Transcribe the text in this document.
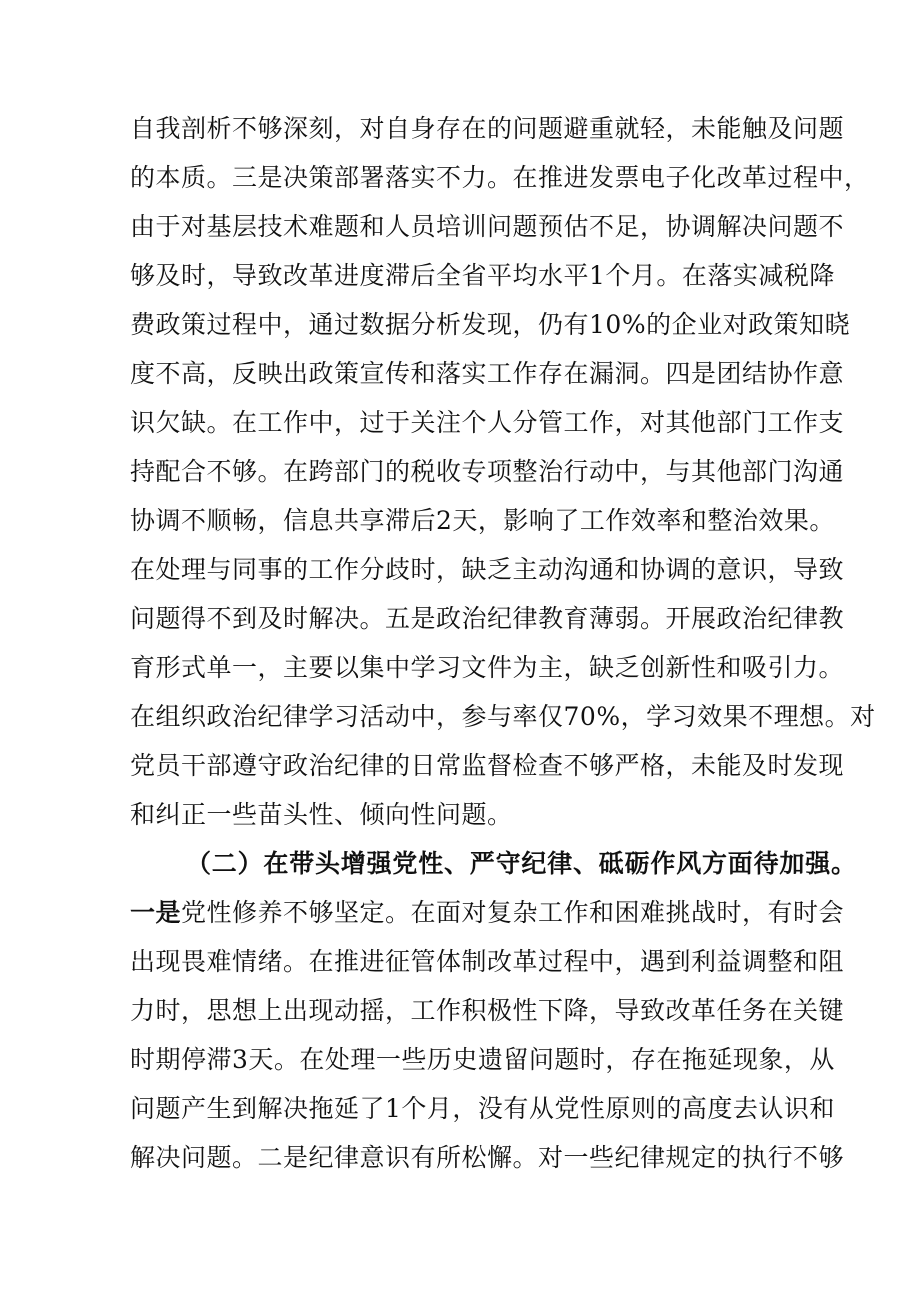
自我剖析不够深刻，对自身存在的问题避重就轻，未能触及问题
的本质。三是决策部署落实不力。在推进发票电子化改革过程中，
由于对基层技术难题和人员培训问题预估不足，协调解决问题不
够及时，导致改革进度滞后全省平均水平1个月。在落实减税降
费政策过程中，通过数据分析发现，仍有10%的企业对政策知晓
度不高，反映出政策宣传和落实工作存在漏洞。四是团结协作意
识欠缺。在工作中，过于关注个人分管工作，对其他部门工作支
持配合不够。在跨部门的税收专项整治行动中，与其他部门沟通
协调不顺畅，信息共享滞后2天，影响了工作效率和整治效果。
在处理与同事的工作分歧时，缺乏主动沟通和协调的意识，导致
问题得不到及时解决。五是政治纪律教育薄弱。开展政治纪律教
育形式单一，主要以集中学习文件为主，缺乏创新性和吸引力。
在组织政治纪律学习活动中，参与率仅70%，学习效果不理想。对
党员干部遵守政治纪律的日常监督检查不够严格，未能及时发现
和纠正一些苗头性、倾向性问题。
（二）在带头增强党性、严守纪律、砥砺作风方面待加强。
一是党性修养不够坚定。在面对复杂工作和困难挑战时，有时会
出现畏难情绪。在推进征管体制改革过程中，遇到利益调整和阻
力时，思想上出现动摇，工作积极性下降，导致改革任务在关键
时期停滞3天。在处理一些历史遗留问题时，存在拖延现象，从
问题产生到解决拖延了1个月，没有从党性原则的高度去认识和
解决问题。二是纪律意识有所松懈。对一些纪律规定的执行不够
